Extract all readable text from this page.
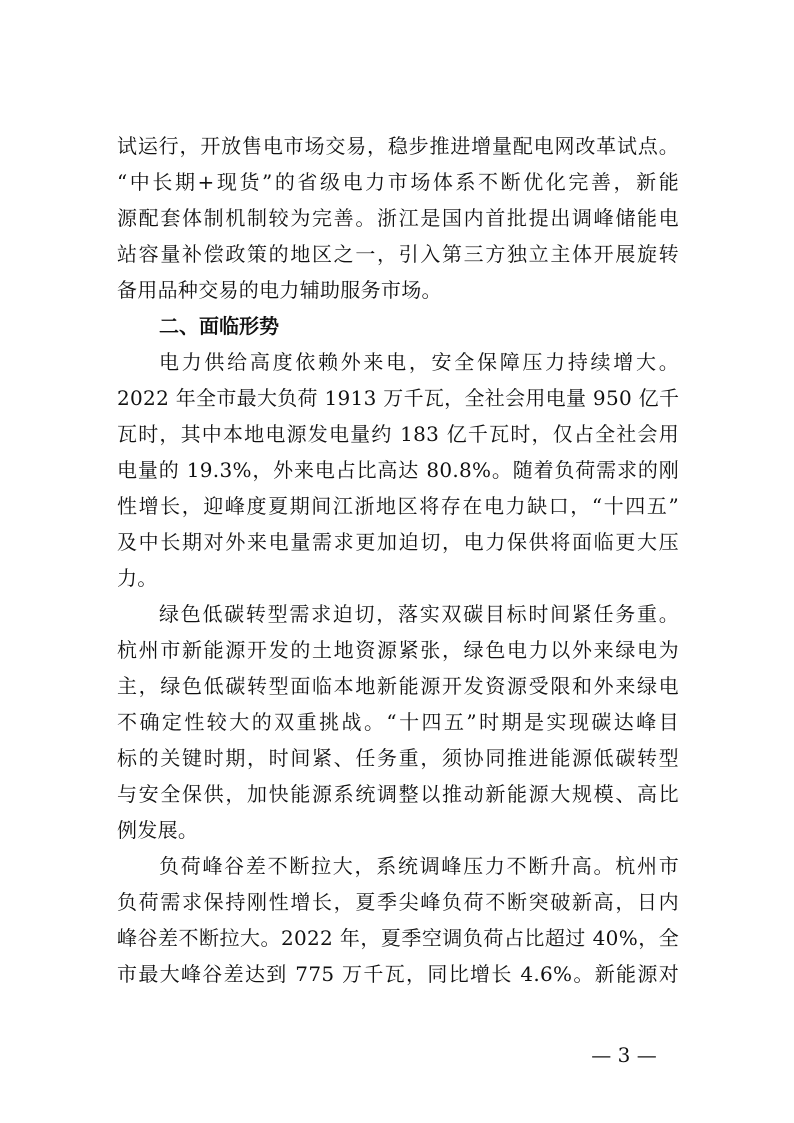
试运行，开放售电市场交易，稳步推进增量配电网改革试点。
“中长期+现货”的省级电力市场体系不断优化完善，新能
源配套体制机制较为完善。浙江是国内首批提出调峰储能电
站容量补偿政策的地区之一，引入第三方独立主体开展旋转
备用品种交易的电力辅助服务市场。
二、面临形势
电力供给高度依赖外来电，安全保障压力持续增大。
2022 年全市最大负荷 1913 万千瓦，全社会用电量 950 亿千
瓦时，其中本地电源发电量约 183 亿千瓦时，仅占全社会用
电量的 19.3%，外来电占比高达 80.8%。随着负荷需求的刚
性增长，迎峰度夏期间江浙地区将存在电力缺口，“十四五”
及中长期对外来电量需求更加迫切，电力保供将面临更大压
力。
绿色低碳转型需求迫切，落实双碳目标时间紧任务重。
杭州市新能源开发的土地资源紧张，绿色电力以外来绿电为
主，绿色低碳转型面临本地新能源开发资源受限和外来绿电
不确定性较大的双重挑战。“十四五”时期是实现碳达峰目
标的关键时期，时间紧、任务重，须协同推进能源低碳转型
与安全保供，加快能源系统调整以推动新能源大规模、高比
例发展。
负荷峰谷差不断拉大，系统调峰压力不断升高。杭州市
负荷需求保持刚性增长，夏季尖峰负荷不断突破新高，日内
峰谷差不断拉大。2022 年，夏季空调负荷占比超过 40%，全
市最大峰谷差达到 775 万千瓦，同比增长 4.6%。新能源对
— 3 —
